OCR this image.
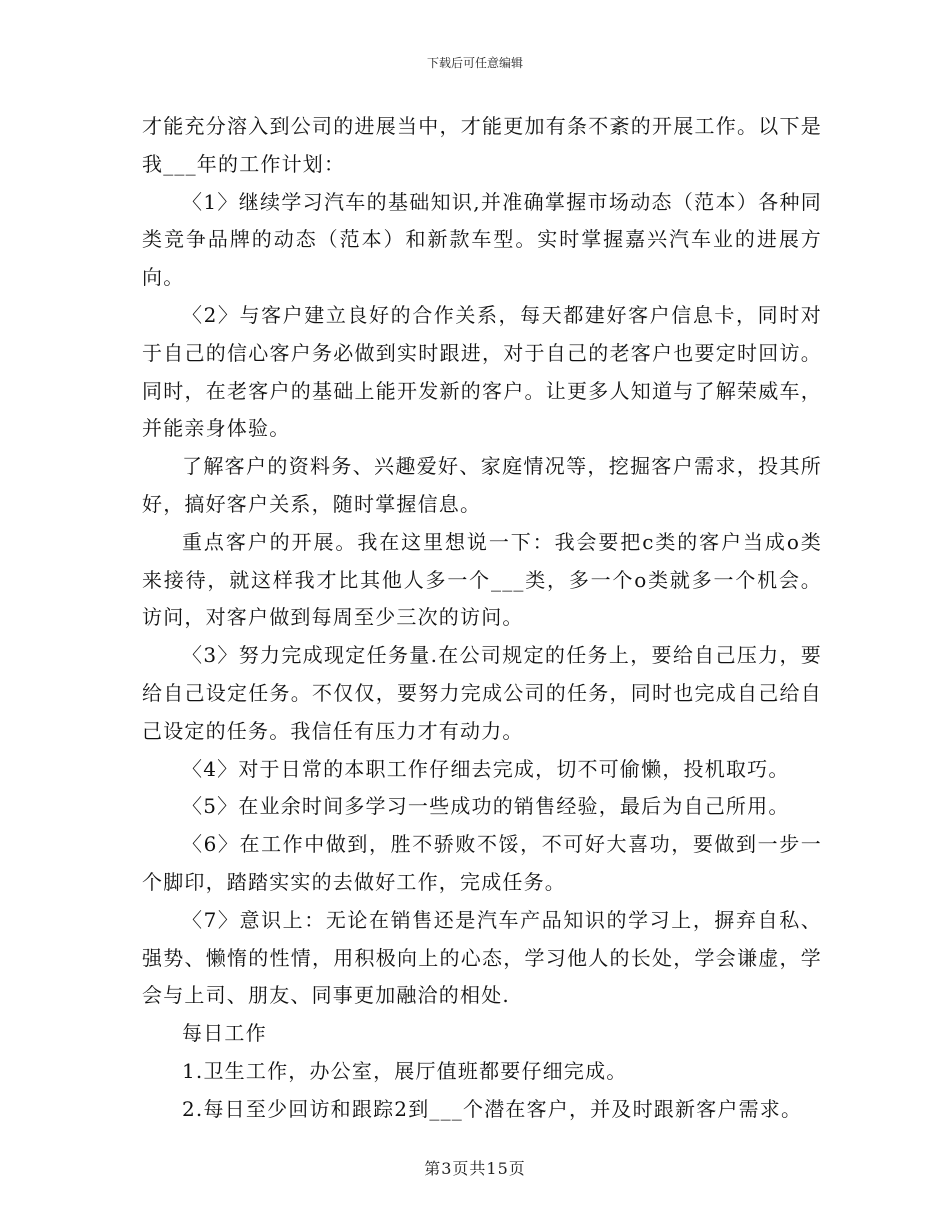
下载后可任意编辑

才能充分溶入到公司的进展当中，才能更加有条不紊的开展工作。以下是我___年的工作计划：

〈1〉继续学习汽车的基础知识,并准确掌握市场动态（范本）各种同类竞争品牌的动态（范本）和新款车型。实时掌握嘉兴汽车业的进展方向。

〈2〉与客户建立良好的合作关系，每天都建好客户信息卡，同时对于自己的信心客户务必做到实时跟进，对于自己的老客户也要定时回访。同时，在老客户的基础上能开发新的客户。让更多人知道与了解荣威车，并能亲身体验。

了解客户的资料务、兴趣爱好、家庭情况等，挖掘客户需求，投其所好，搞好客户关系，随时掌握信息。

重点客户的开展。我在这里想说一下：我会要把c类的客户当成o类来接待，就这样我才比其他人多一个___类，多一个o类就多一个机会。访问，对客户做到每周至少三次的访问。

〈3〉努力完成现定任务量.在公司规定的任务上，要给自己压力，要给自己设定任务。不仅仅，要努力完成公司的任务，同时也完成自己给自己设定的任务。我信任有压力才有动力。

〈4〉对于日常的本职工作仔细去完成，切不可偷懒，投机取巧。

〈5〉在业余时间多学习一些成功的销售经验，最后为自己所用。

〈6〉在工作中做到，胜不骄败不馁，不可好大喜功，要做到一步一个脚印，踏踏实实的去做好工作，完成任务。

〈7〉意识上：无论在销售还是汽车产品知识的学习上，摒弃自私、强势、懒惰的性情，用积极向上的心态，学习他人的长处，学会谦虚，学会与上司、朋友、同事更加融洽的相处.

每日工作

1.卫生工作，办公室，展厅值班都要仔细完成。

2.每日至少回访和跟踪2到___个潜在客户，并及时跟新客户需求。

第3页共15页
